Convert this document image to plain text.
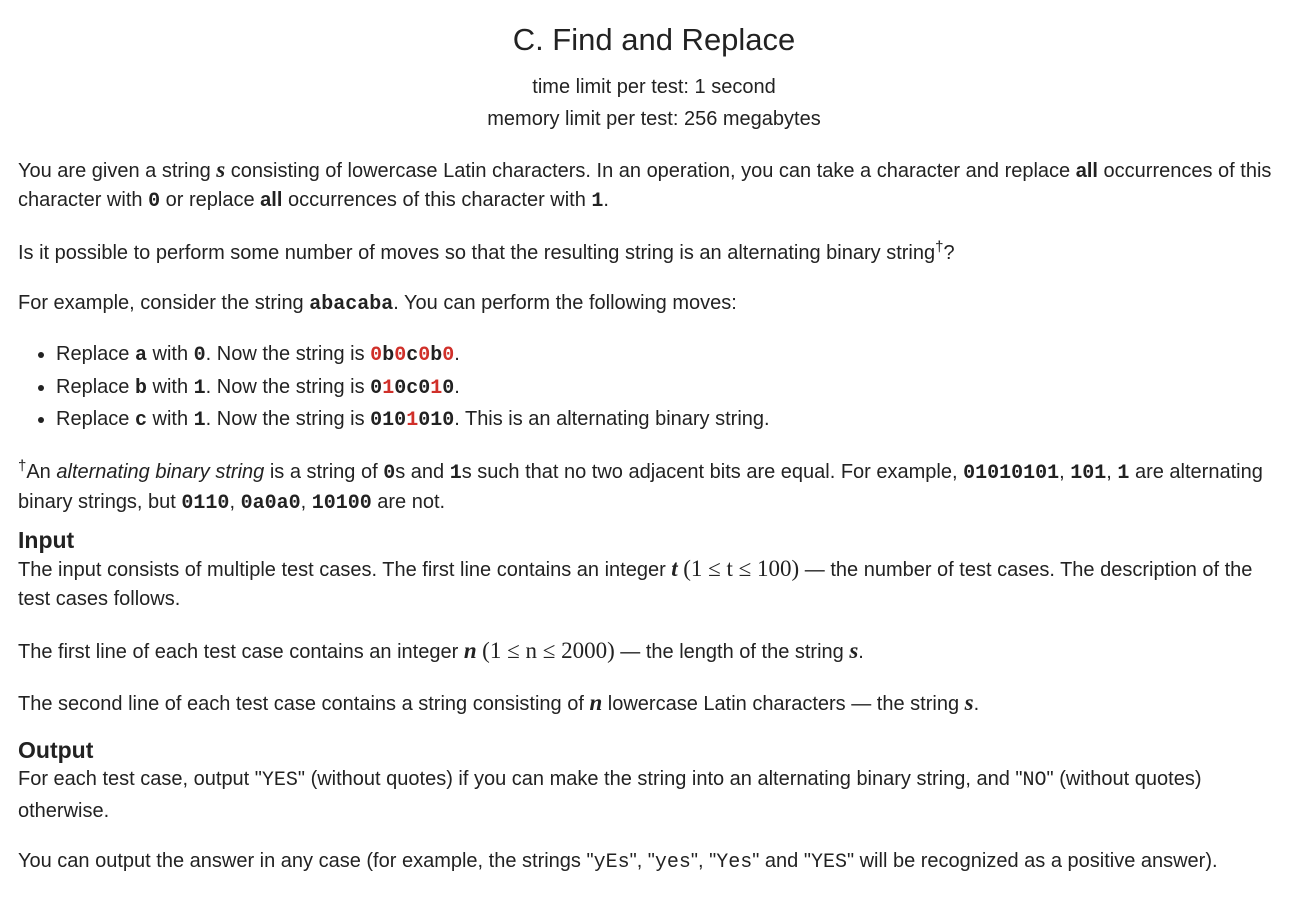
C. Find and Replace
time limit per test: 1 second
memory limit per test: 256 megabytes

You are given a string s consisting of lowercase Latin characters. In an operation, you can take a character and replace all occurrences of this character with 0 or replace all occurrences of this character with 1.

Is it possible to perform some number of moves so that the resulting string is an alternating binary string†?

For example, consider the string abacaba. You can perform the following moves:

• Replace a with 0. Now the string is 0b0c0b0.
• Replace b with 1. Now the string is 010c010.
• Replace c with 1. Now the string is 0101010. This is an alternating binary string.

†An alternating binary string is a string of 0s and 1s such that no two adjacent bits are equal. For example, 01010101, 101, 1 are alternating binary strings, but 0110, 0a0a0, 10100 are not.

Input

The input consists of multiple test cases. The first line contains an integer t (1 ≤ t ≤ 100) — the number of test cases. The description of the test cases follows.

The first line of each test case contains an integer n (1 ≤ n ≤ 2000) — the length of the string s.

The second line of each test case contains a string consisting of n lowercase Latin characters — the string s.

Output

For each test case, output "YES" (without quotes) if you can make the string into an alternating binary string, and "NO" (without quotes) otherwise.

You can output the answer in any case (for example, the strings "yEs", "yes", "Yes" and "YES" will be recognized as a positive answer).
